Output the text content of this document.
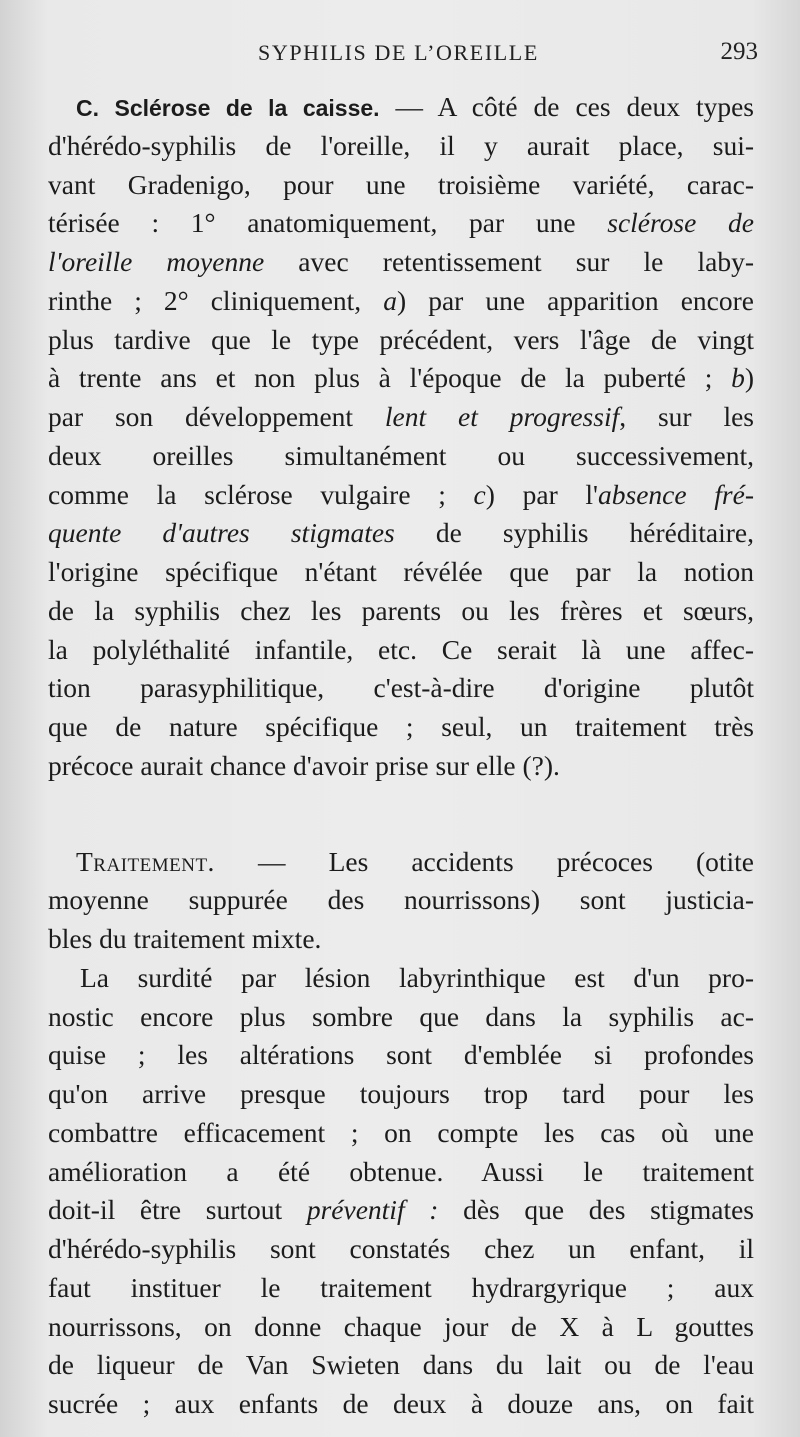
SYPHILIS DE L’OREILLE	293
C. Sclérose de la caisse. — A côté de ces deux types
d'hérédo-syphilis de l'oreille, il y aurait place, sui-
vant Gradenigo, pour une troisième variété, carac-
térisée : 1° anatomiquement, par une sclérose de
l'oreille moyenne avec retentissement sur le laby-
rinthe ; 2° cliniquement, a) par une apparition encore
plus tardive que le type précédent, vers l'âge de vingt
à trente ans et non plus à l'époque de la puberté ; b)
par son développement lent et progressif, sur les
deux oreilles simultanément ou successivement,
comme la sclérose vulgaire ; c) par l'absence fré-
quente d'autres stigmates de syphilis héréditaire,
l'origine spécifique n'étant révélée que par la notion
de la syphilis chez les parents ou les frères et sœurs,
la polyléthalité infantile, etc. Ce serait là une affec-
tion parasyphilitique, c'est-à-dire d'origine plutôt
que de nature spécifique ; seul, un traitement très
précoce aurait chance d'avoir prise sur elle (?).
Traitement. — Les accidents précoces (otite
moyenne suppurée des nourrissons) sont justicia-
bles du traitement mixte.
La surdité par lésion labyrinthique est d'un pro-
nostic encore plus sombre que dans la syphilis ac-
quise ; les altérations sont d'emblée si profondes
qu'on arrive presque toujours trop tard pour les
combattre efficacement ; on compte les cas où une
amélioration a été obtenue. Aussi le traitement
doit-il être surtout préventif : dès que des stigmates
d'hérédo-syphilis sont constatés chez un enfant, il
faut instituer le traitement hydrargyrique ; aux
nourrissons, on donne chaque jour de X à L gouttes
de liqueur de Van Swieten dans du lait ou de l'eau
sucrée ; aux enfants de deux à douze ans, on fait
